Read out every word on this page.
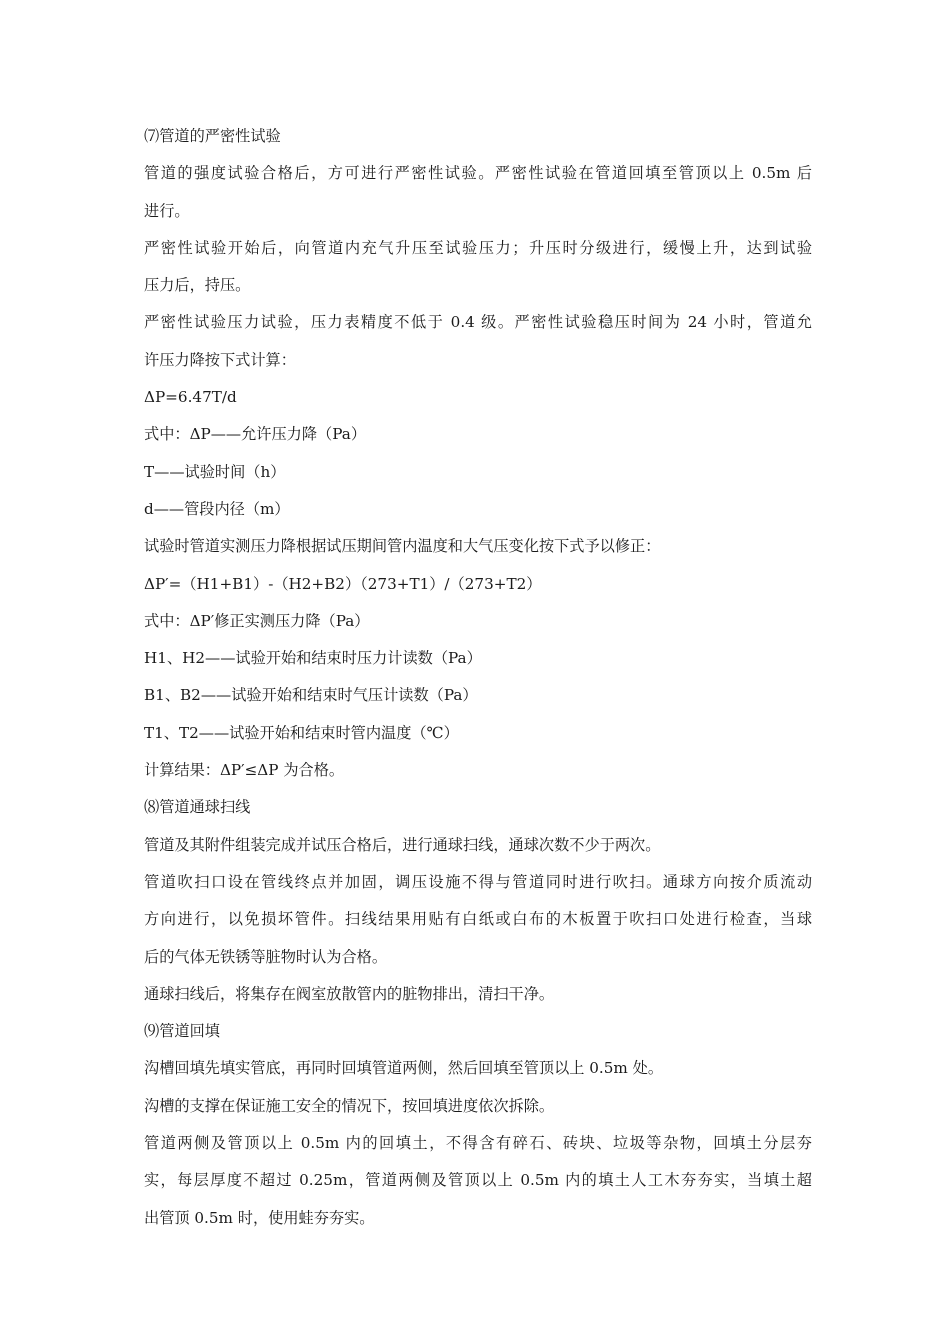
⑺管道的严密性试验
管道的强度试验合格后，方可进行严密性试验。严密性试验在管道回填至管顶以上 0.5m 后
进行。
严密性试验开始后，向管道内充气升压至试验压力；升压时分级进行，缓慢上升，达到试验
压力后，持压。
严密性试验压力试验，压力表精度不低于 0.4 级。严密性试验稳压时间为 24 小时，管道允
许压力降按下式计算：
ΔP=6.47T/d
式中：ΔP——允许压力降（Pa）
T——试验时间（h）
d——管段内径（m）
试验时管道实测压力降根据试压期间管内温度和大气压变化按下式予以修正：
ΔP′=（H1+B1）-（H2+B2）（273+T1）/（273+T2）
式中：ΔP′修正实测压力降（Pa）
H1、H2——试验开始和结束时压力计读数（Pa）
B1、B2——试验开始和结束时气压计读数（Pa）
T1、T2——试验开始和结束时管内温度（℃）
计算结果：ΔP′≤ΔP 为合格。
⑻管道通球扫线
管道及其附件组装完成并试压合格后，进行通球扫线，通球次数不少于两次。
管道吹扫口设在管线终点并加固，调压设施不得与管道同时进行吹扫。通球方向按介质流动
方向进行，以免损坏管件。扫线结果用贴有白纸或白布的木板置于吹扫口处进行检查，当球
后的气体无铁锈等脏物时认为合格。
通球扫线后，将集存在阀室放散管内的脏物排出，清扫干净。
⑼管道回填
沟槽回填先填实管底，再同时回填管道两侧，然后回填至管顶以上 0.5m 处。
沟槽的支撑在保证施工安全的情况下，按回填进度依次拆除。
管道两侧及管顶以上 0.5m 内的回填土，不得含有碎石、砖块、垃圾等杂物，回填土分层夯
实，每层厚度不超过 0.25m，管道两侧及管顶以上 0.5m 内的填土人工木夯夯实，当填土超
出管顶 0.5m 时，使用蛙夯夯实。
